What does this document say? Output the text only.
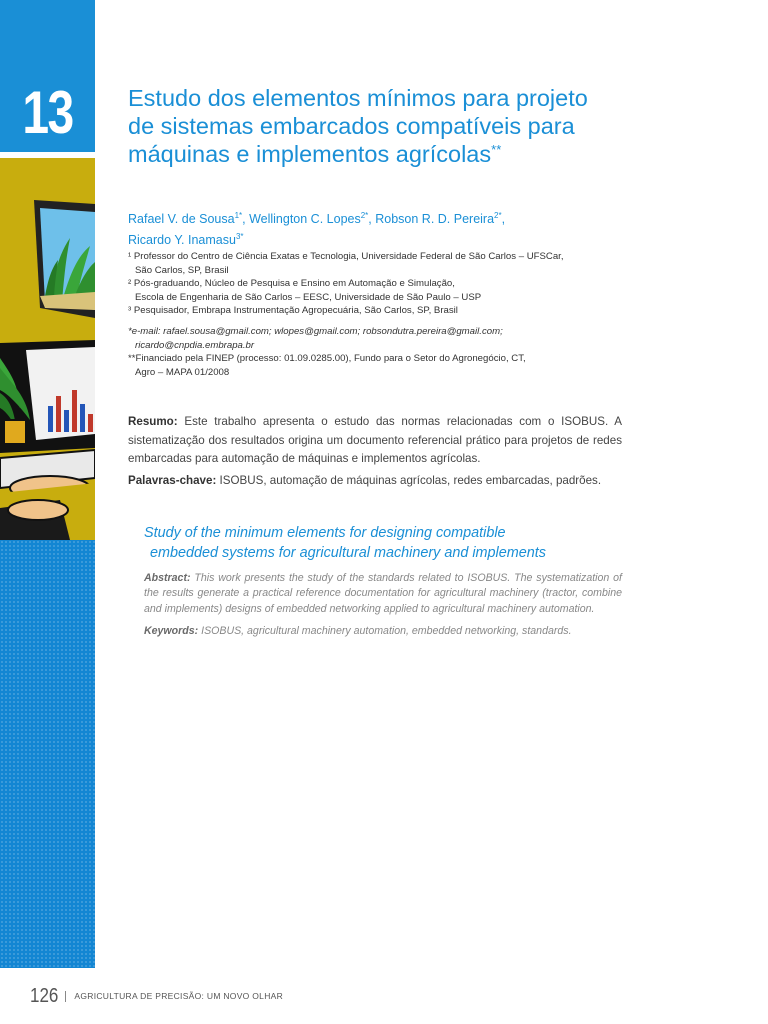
13	Estudo dos elementos mínimos para projeto de sistemas embarcados compatíveis para máquinas e implementos agrícolas**
Rafael V. de Sousa$^{1*}$, Wellington C. Lopes$^{2*}$, Robson R. D. Pereira$^{2*}$,
Ricardo Y. Inamasu$^{3*}$

¹ Professor do Centro de Ciência Exatas e Tecnologia, Universidade Federal de São Carlos – UFSCar,

São Carlos, SP, Brasil

² Pós-graduando, Núcleo de Pesquisa e Ensino em Automação e Simulação,

Escola de Engenharia de São Carlos – EESC, Universidade de São Paulo – USP

³ Pesquisador, Embrapa Instrumentação Agropecuária, São Carlos, SP, Brasil

*e-mail: rafael.sousa@gmail.com; wlopes@gmail.com; robsondutra.pereira@gmail.com;

ricardo@cnpdia.embrapa.br

**Financiado pela FINEP (processo: 01.09.0285.00), Fundo para o Setor do Agronegócio, CT,

Agro – MAPA 01/2008

Resumo: Este trabalho apresenta o estudo das normas relacionadas com o ISOBUS. A sistematização dos resultados origina um documento referencial prático para projetos de redes embarcadas para automação de máquinas e implementos agrícolas.

Palavras-chave: ISOBUS, automação de máquinas agrícolas, redes embarcadas, padrões.

Study of the minimum elements for designing compatible
embedded systems for agricultural machinery and implements

Abstract: This work presents the study of the standards related to ISOBUS. The systematization of the results generate a practical reference documentation for agricultural machinery (tractor, combine and implements) designs of embedded networking applied to agricultural machinery automation.

Keywords: ISOBUS, agricultural machinery automation, embedded networking, standards.

126 AGRICULTURA DE PRECISÃO: UM NOVO OLHAR
